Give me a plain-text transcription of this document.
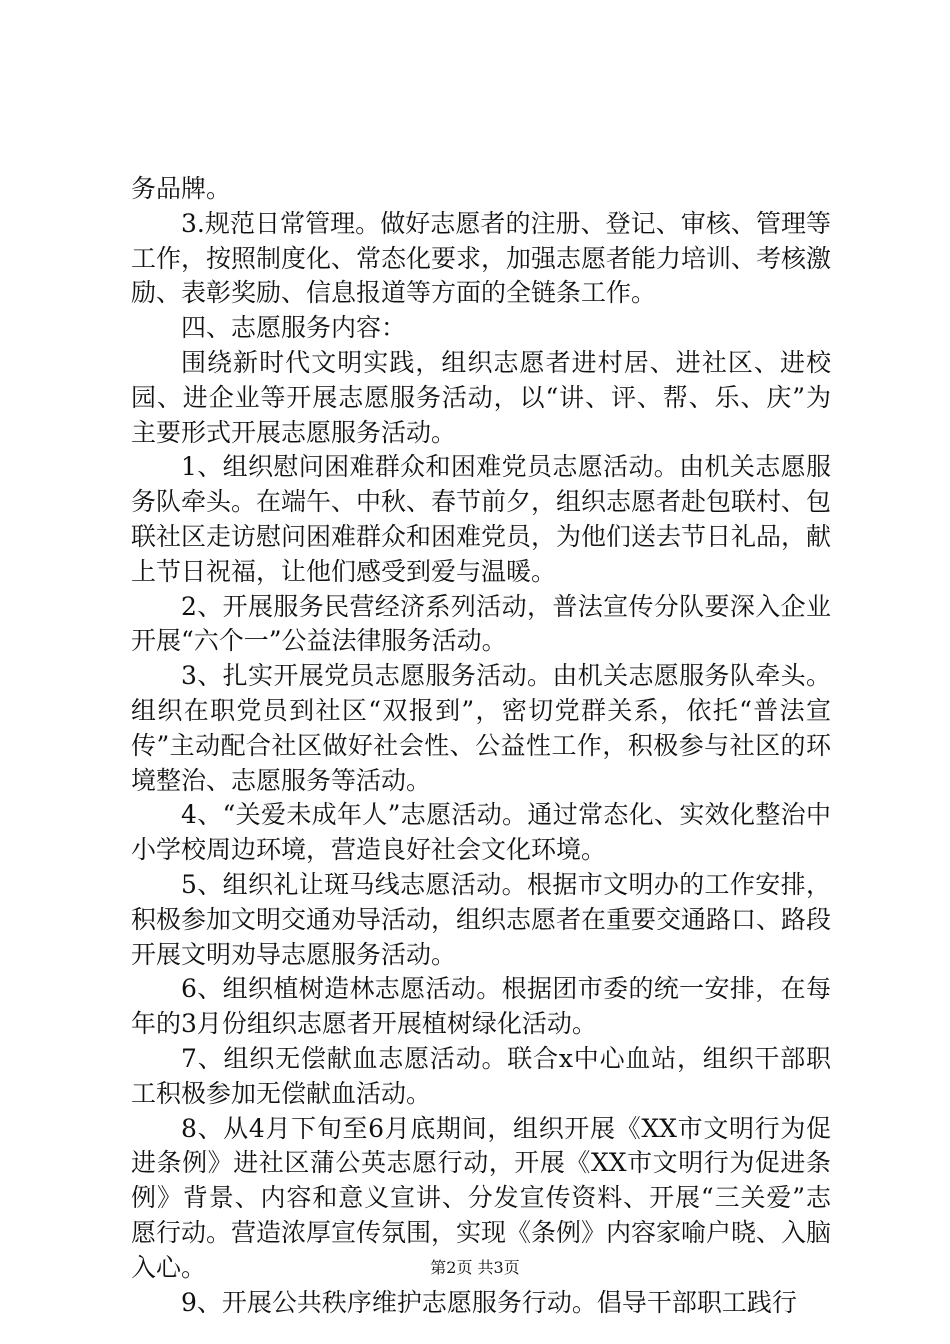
务品牌。

3.规范日常管理。做好志愿者的注册、登记、审核、管理等工作，按照制度化、常态化要求，加强志愿者能力培训、考核激励、表彰奖励、信息报道等方面的全链条工作。

四、志愿服务内容：

围绕新时代文明实践，组织志愿者进村居、进社区、进校园、进企业等开展志愿服务活动，以“讲、评、帮、乐、庆”为主要形式开展志愿服务活动。

1、组织慰问困难群众和困难党员志愿活动。由机关志愿服务队牵头。在端午、中秋、春节前夕，组织志愿者赴包联村、包联社区走访慰问困难群众和困难党员，为他们送去节日礼品，献上节日祝福，让他们感受到爱与温暖。

2、开展服务民营经济系列活动，普法宣传分队要深入企业开展“六个一”公益法律服务活动。

3、扎实开展党员志愿服务活动。由机关志愿服务队牵头。组织在职党员到社区“双报到”，密切党群关系，依托“普法宣传”主动配合社区做好社会性、公益性工作，积极参与社区的环境整治、志愿服务等活动。

4、“关爱未成年人”志愿活动。通过常态化、实效化整治中小学校周边环境，营造良好社会文化环境。

5、组织礼让斑马线志愿活动。根据市文明办的工作安排，积极参加文明交通劝导活动，组织志愿者在重要交通路口、路段开展文明劝导志愿服务活动。

6、组织植树造林志愿活动。根据团市委的统一安排，在每年的3月份组织志愿者开展植树绿化活动。

7、组织无偿献血志愿活动。联合x中心血站，组织干部职工积极参加无偿献血活动。

8、从4月下旬至6月底期间，组织开展《XX市文明行为促进条例》进社区蒲公英志愿行动，开展《XX市文明行为促进条例》背景、内容和意义宣讲、分发宣传资料、开展“三关爱”志愿行动。营造浓厚宣传氛围，实现《条例》内容家喻户晓、入脑入心。

9、开展公共秩序维护志愿服务行动。倡导干部职工践行

第2页 共3页
